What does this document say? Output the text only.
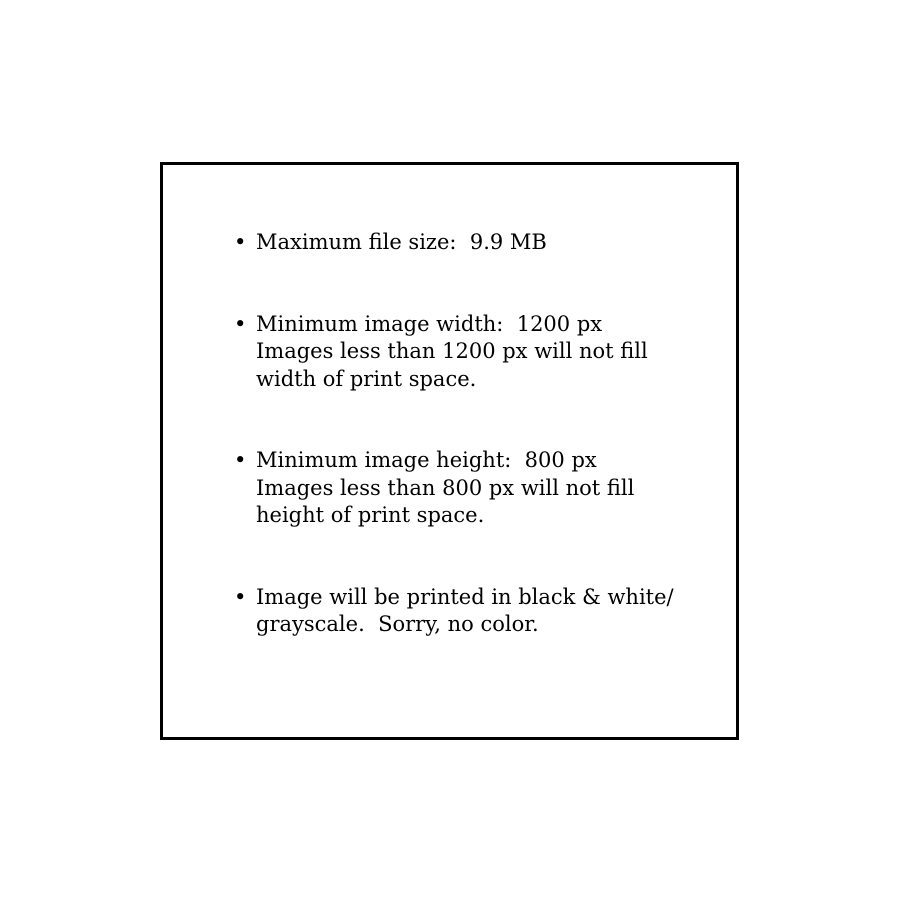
• Maximum file size:  9.9 MB
• Minimum image width:  1200 px
Images less than 1200 px will not fill
width of print space.
• Minimum image height:  800 px
Images less than 800 px will not fill
height of print space.
• Image will be printed in black & white/
grayscale.  Sorry, no color.
